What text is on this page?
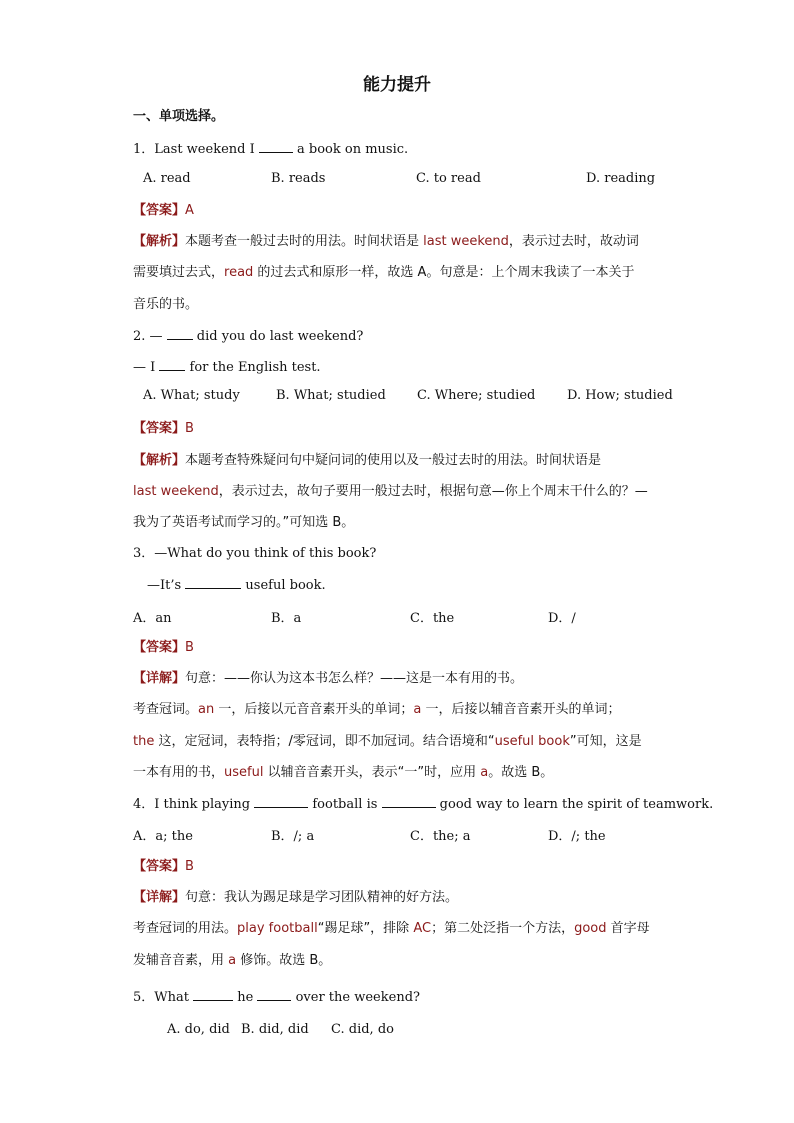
能力提升
一、单项选择。
1．Last weekend I	a book on music.
A. read	B. reads	C. to read	D. reading
【答案】A
【解析】本题考查一般过去时的用法。时间状语是 last weekend，表示过去时，故动词
需要填过去式，read 的过去式和原形一样，故选 A。句意是：上个周末我读了一本关于
音乐的书。
2. —  did you do last weekend?
— I  for the English test.
A. What; study	B. What; studied C. Where; studied D. How; studied
【答案】B
【解析】本题考查特殊疑问句中疑问词的使用以及一般过去时的用法。时间状语是
last weekend，表示过去，故句子要用一般过去时，根据句意—你上个周末干什么的？—
我为了英语考试而学习的。”可知选 B。
3．—What do you think of this book?
—It’s	useful book.
A．an	B．a	C．the	D．/
【答案】B
【详解】句意：——你认为这本书怎么样？——这是一本有用的书。
考查冠词。an 一，后接以元音音素开头的单词；a 一，后接以辅音音素开头的单词；
the 这，定冠词，表特指；/零冠词，即不加冠词。结合语境和“useful book”可知，这是
一本有用的书，useful 以辅音音素开头，表示“一”时，应用 a。故选 B。
4．I think playing	football is	good way to learn the spirit of teamwork.
A．a; the	B．/; a	C．the; a	D．/; the
【答案】B
【详解】句意：我认为踢足球是学习团队精神的好方法。
考查冠词的用法。play football“踢足球”，排除 AC；第二处泛指一个方法，good 首字母
发辅音音素，用 a 修饰。故选 B。
5．What	he	over the weekend?
A. do, did B. did, did C. did, do
